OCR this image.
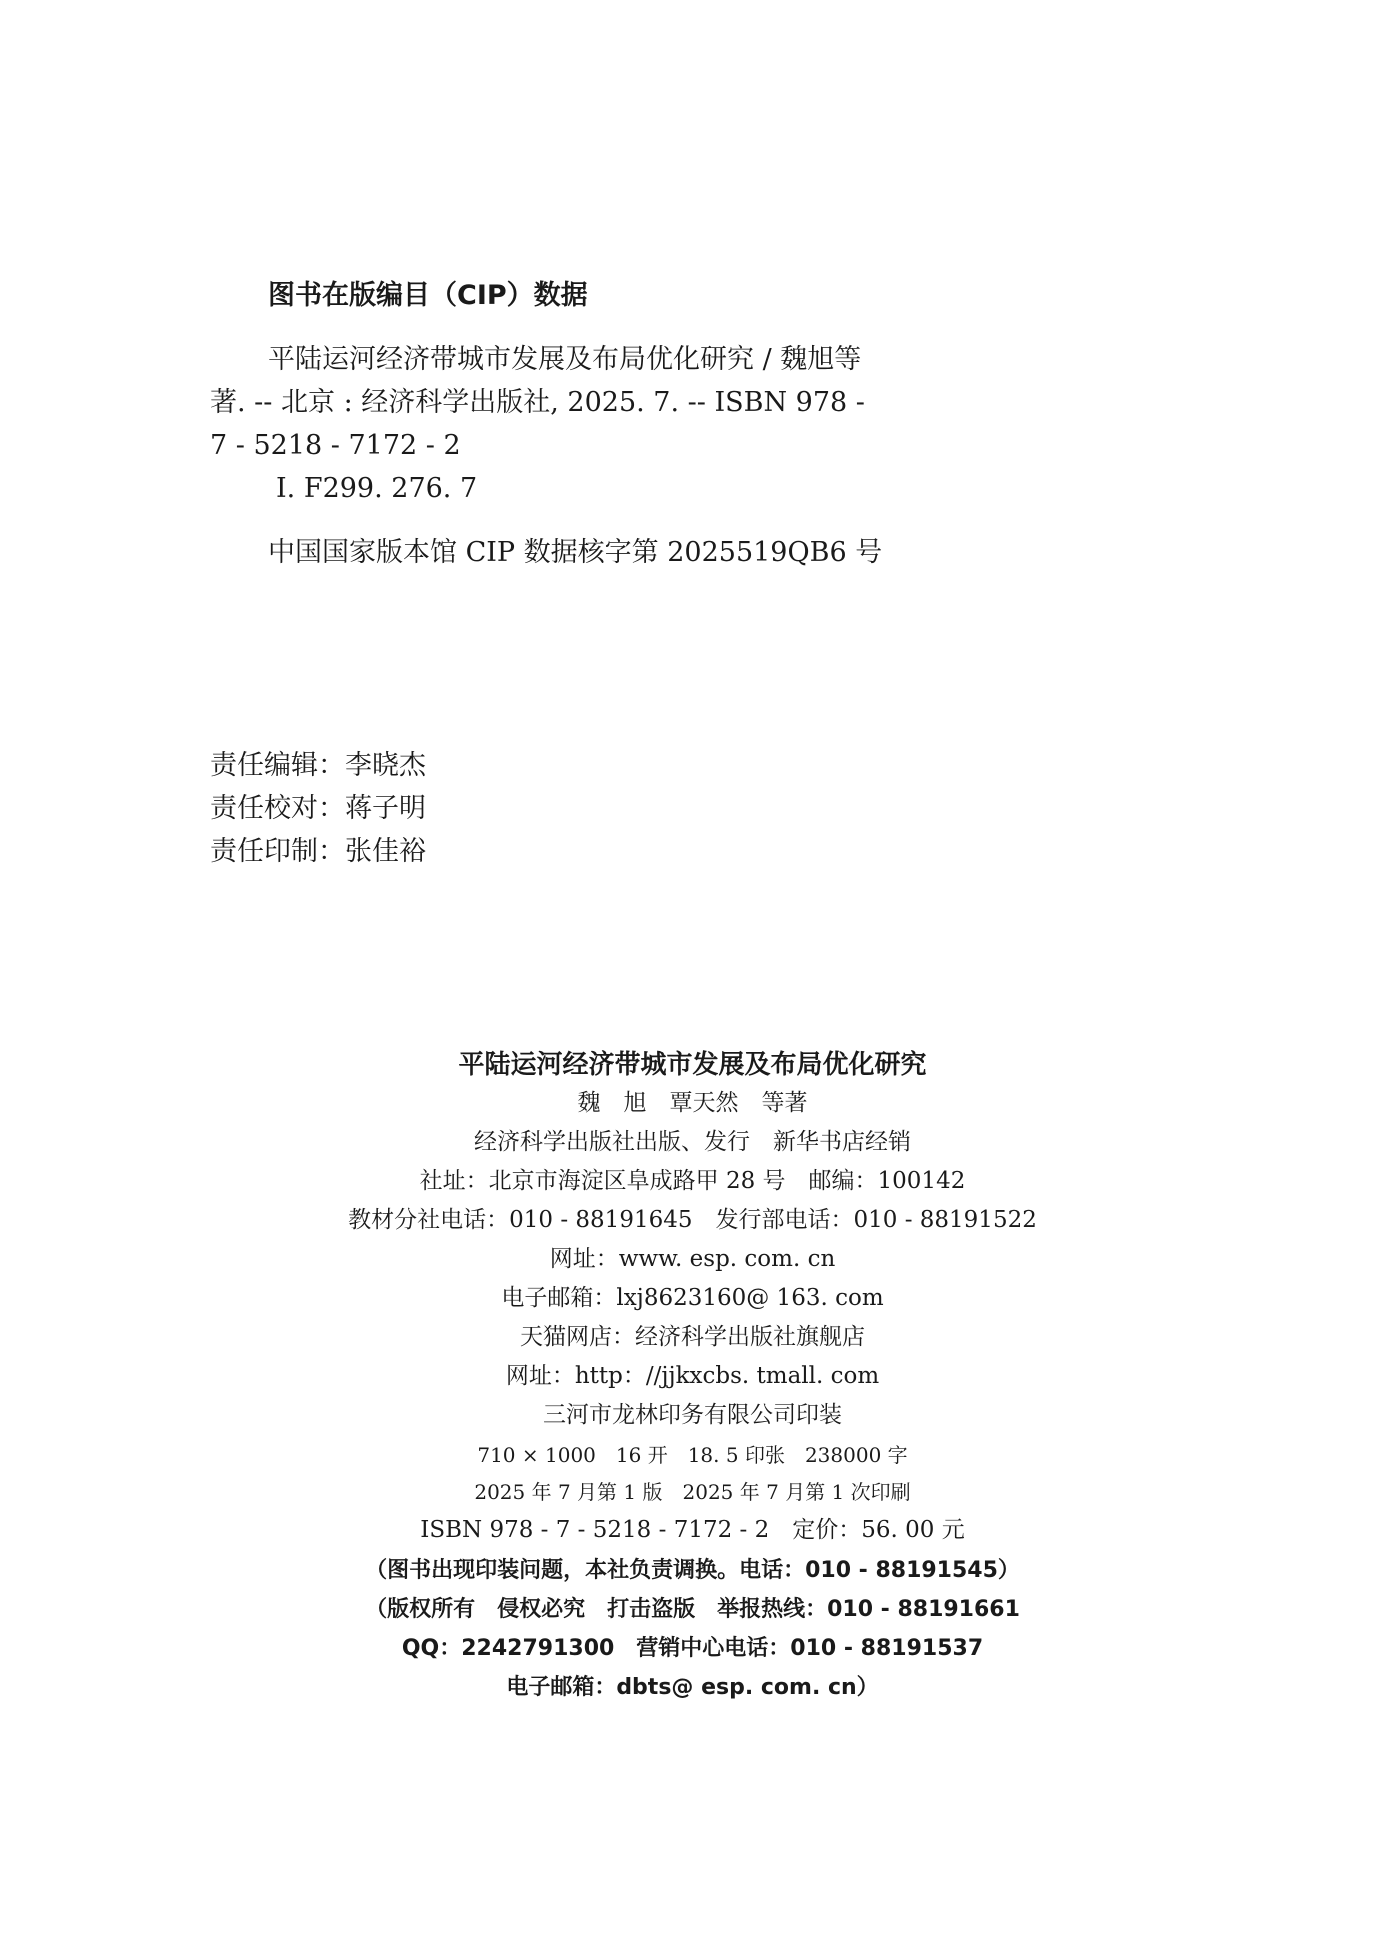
图书在版编目（CIP）数据
平陆运河经济带城市发展及布局优化研究 / 魏旭等
著. -- 北京 : 经济科学出版社, 2025. 7. -- ISBN 978 -
7 - 5218 - 7172 - 2
Ⅰ. F299. 276. 7
中国国家版本馆 CIP 数据核字第 2025519QB6 号
责任编辑：李晓杰
责任校对：蒋子明
责任印制：张佳裕
平陆运河经济带城市发展及布局优化研究
魏　旭　覃天然　等著
经济科学出版社出版、发行　新华书店经销
社址：北京市海淀区阜成路甲 28 号　邮编：100142
教材分社电话：010 - 88191645　发行部电话：010 - 88191522
网址：www. esp. com. cn
电子邮箱：lxj8623160@ 163. com
天猫网店：经济科学出版社旗舰店
网址：http：//jjkxcbs. tmall. com
三河市龙林印务有限公司印装
710 × 1000　16 开　18. 5 印张　238000 字
2025 年 7 月第 1 版　2025 年 7 月第 1 次印刷
ISBN 978 - 7 - 5218 - 7172 - 2　定价：56. 00 元
（图书出现印装问题，本社负责调换。电话：010 - 88191545）
（版权所有　侵权必究　打击盗版　举报热线：010 - 88191661
QQ：2242791300　营销中心电话：010 - 88191537
电子邮箱：dbts@ esp. com. cn）
